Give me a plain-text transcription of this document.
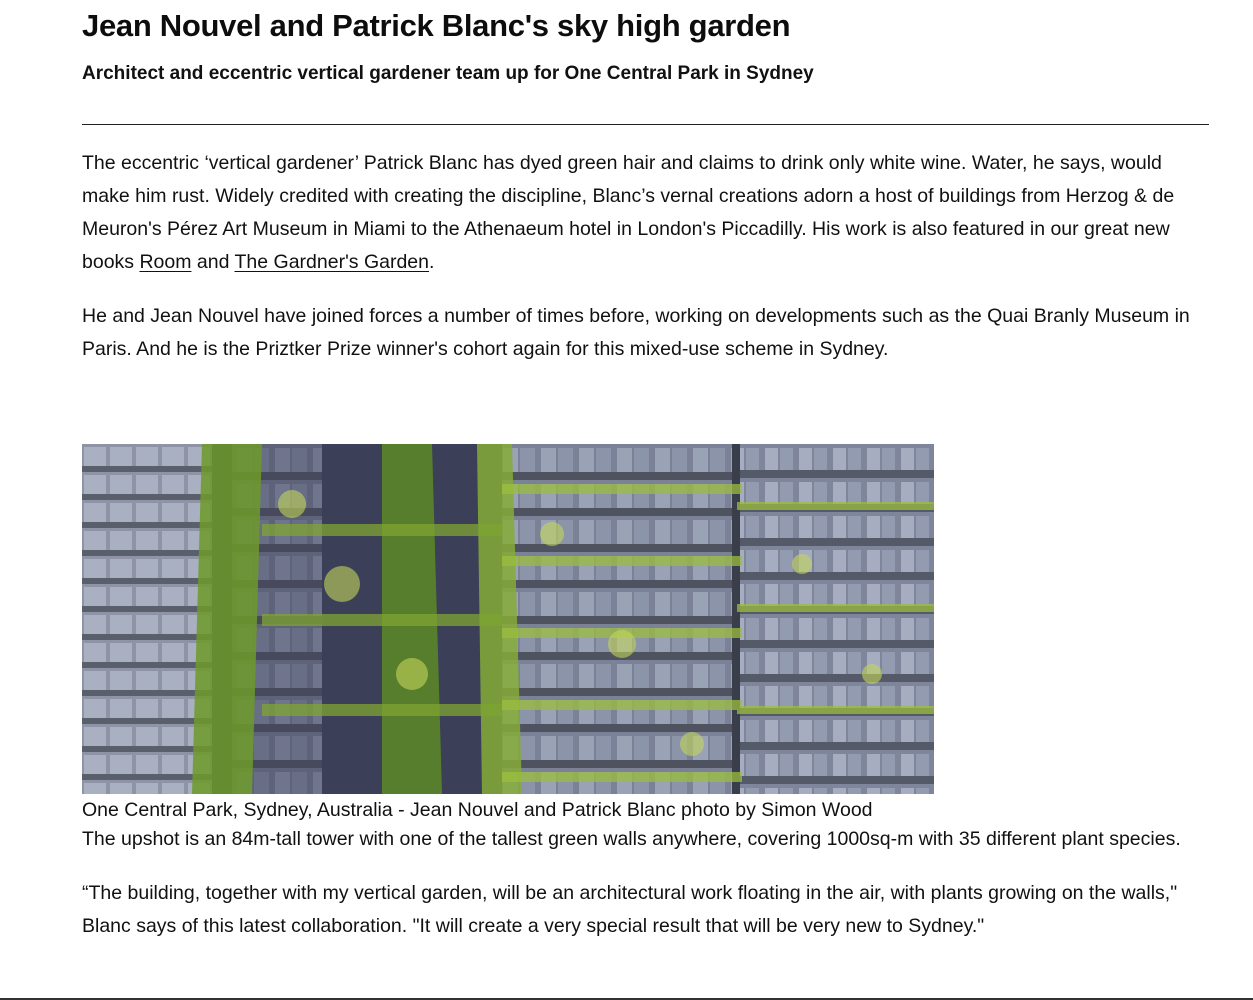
Jean Nouvel and Patrick Blanc's sky high garden
Architect and eccentric vertical gardener team up for One Central Park in Sydney

The eccentric ‘vertical gardener’ Patrick Blanc has dyed green hair and claims to drink only white wine. Water, he says, would make him rust. Widely credited with creating the discipline, Blanc’s vernal creations adorn a host of buildings from Herzog & de Meuron's Pérez Art Museum in Miami to the Athenaeum hotel in London's Piccadilly. His work is also featured in our great new books Room and The Gardner's Garden.

He and Jean Nouvel have joined forces a number of times before, working on developments such as the Quai Branly Museum in Paris. And he is the Priztker Prize winner's cohort again for this mixed-use scheme in Sydney.

One Central Park, Sydney, Australia - Jean Nouvel and Patrick Blanc photo by Simon Wood

The upshot is an 84m-tall tower with one of the tallest green walls anywhere, covering 1000sq-m with 35 different plant species.

“The building, together with my vertical garden, will be an architectural work floating in the air, with plants growing on the walls," Blanc says of this latest collaboration. "It will create a very special result that will be very new to Sydney."
